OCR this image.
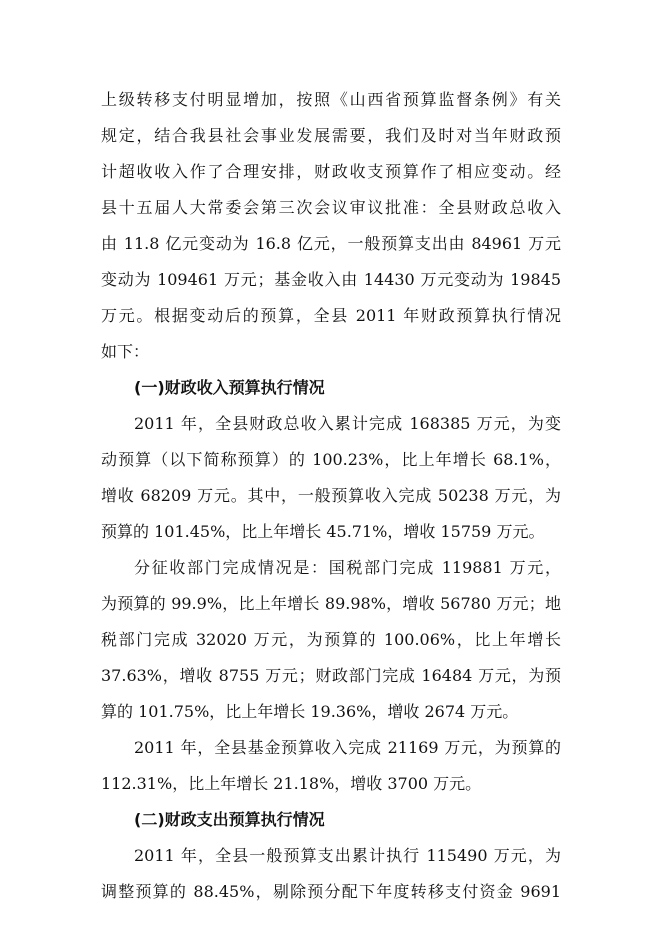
上级转移支付明显增加，按照《山西省预算监督条例》有关
规定，结合我县社会事业发展需要，我们及时对当年财政预
计超收收入作了合理安排，财政收支预算作了相应变动。经
县十五届人大常委会第三次会议审议批准：全县财政总收入
由 11.8 亿元变动为 16.8 亿元，一般预算支出由 84961 万元
变动为 109461 万元；基金收入由 14430 万元变动为 19845
万元。根据变动后的预算，全县 2011 年财政预算执行情况
如下：
(一)财政收入预算执行情况
2011 年，全县财政总收入累计完成 168385 万元，为变
动预算（以下简称预算）的 100.23%，比上年增长 68.1%，
增收 68209 万元。其中，一般预算收入完成 50238 万元，为
预算的 101.45%，比上年增长 45.71%，增收 15759 万元。
分征收部门完成情况是：国税部门完成 119881 万元，
为预算的 99.9%，比上年增长 89.98%，增收 56780 万元；地
税部门完成 32020 万元，为预算的 100.06%，比上年增长
37.63%，增收 8755 万元；财政部门完成 16484 万元，为预
算的 101.75%，比上年增长 19.36%，增收 2674 万元。
2011 年，全县基金预算收入完成 21169 万元，为预算的
112.31%，比上年增长 21.18%，增收 3700 万元。
(二)财政支出预算执行情况
2011 年，全县一般预算支出累计执行 115490 万元，为
调整预算的 88.45%，剔除预分配下年度转移支付资金 9691
